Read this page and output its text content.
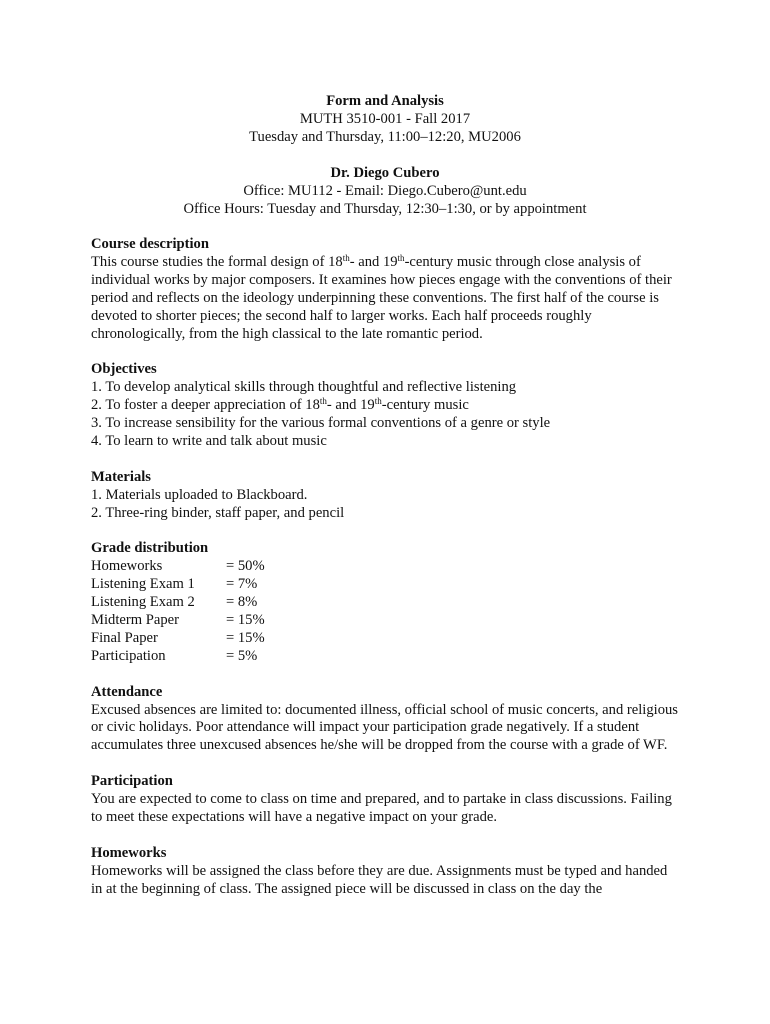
Form and Analysis
MUTH 3510-001 - Fall 2017
Tuesday and Thursday, 11:00–12:20, MU2006
Dr. Diego Cubero
Office: MU112 - Email: Diego.Cubero@unt.edu
Office Hours: Tuesday and Thursday, 12:30–1:30, or by appointment
Course description

This course studies the formal design of 18th- and 19th-century music through close analysis of individual works by major composers. It examines how pieces engage with the conventions of their period and reflects on the ideology underpinning these conventions. The first half of the course is devoted to shorter pieces; the second half to larger works. Each half proceeds roughly chronologically, from the high classical to the late romantic period.

Objectives
1. To develop analytical skills through thoughtful and reflective listening
2. To foster a deeper appreciation of 18th- and 19th-century music
3. To increase sensibility for the various formal conventions of a genre or style
4. To learn to write and talk about music
Materials
1. Materials uploaded to Blackboard.
2. Three-ring binder, staff paper, and pencil
Grade distribution
Homeworks	= 50%
Listening Exam 1	= 7%
Listening Exam 2	= 8%
Midterm Paper	= 15%
Final Paper	= 15%
Participation	= 5%
Attendance

Excused absences are limited to: documented illness, official school of music concerts, and religious or civic holidays. Poor attendance will impact your participation grade negatively. If a student accumulates three unexcused absences he/she will be dropped from the course with a grade of WF.

Participation

You are expected to come to class on time and prepared, and to partake in class discussions. Failing to meet these expectations will have a negative impact on your grade.

Homeworks

Homeworks will be assigned the class before they are due. Assignments must be typed and handed in at the beginning of class. The assigned piece will be discussed in class on the day the
